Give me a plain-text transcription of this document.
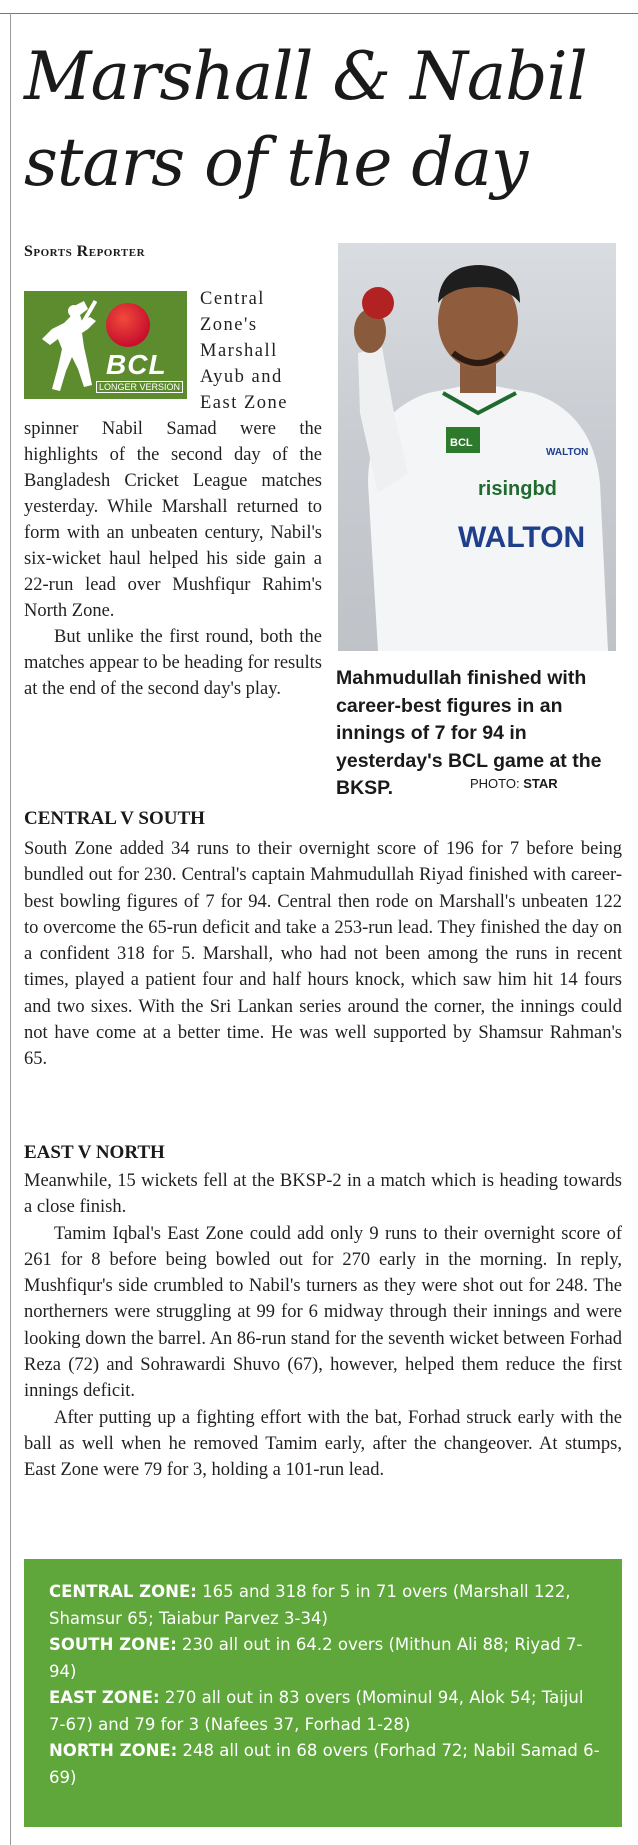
Marshall & Nabil
stars of the day
Sports Reporter
BCL
LONGER VERSION
Central
Zone's
Marshall
Ayub and
East Zone

spinner Nabil Samad were the highlights of the second day of the Bangladesh Cricket League matches yesterday. While Marshall returned to form with an unbeaten century, Nabil's six-wicket haul helped his side gain a 22-run lead over Mushfiqur Rahim's North Zone.

But unlike the first round, both the matches appear to be heading for results at the end of the second day's play.

BCL
WALTON
risingbd
WALTON
Mahmudullah finished with career-best figures in an innings of 7 for 94 in yesterday's BCL game at the BKSP.	PHOTO: STAR
CENTRAL V SOUTH

South Zone added 34 runs to their overnight score of 196 for 7 before being bundled out for 230. Central's captain Mahmudullah Riyad finished with career-best bowling figures of 7 for 94. Central then rode on Marshall's unbeaten 122 to overcome the 65-run deficit and take a 253-run lead. They finished the day on a confident 318 for 5. Marshall, who had not been among the runs in recent times, played a patient four and half hours knock, which saw him hit 14 fours and two sixes. With the Sri Lankan series around the corner, the innings could not have come at a better time. He was well supported by Shamsur Rahman's 65.

EAST V NORTH

Meanwhile, 15 wickets fell at the BKSP-2 in a match which is heading towards a close finish.

Tamim Iqbal's East Zone could add only 9 runs to their overnight score of 261 for 8 before being bowled out for 270 early in the morning. In reply, Mushfiqur's side crumbled to Nabil's turners as they were shot out for 248. The northerners were struggling at 99 for 6 midway through their innings and were looking down the barrel. An 86-run stand for the seventh wicket between Forhad Reza (72) and Sohrawardi Shuvo (67), however, helped them reduce the first innings deficit.

After putting up a fighting effort with the bat, Forhad struck early with the ball as well when he removed Tamim early, after the changeover. At stumps, East Zone were 79 for 3, holding a 101-run lead.

CENTRAL ZONE: 165 and 318 for 5 in 71 overs (Marshall 122, Shamsur 65; Taiabur Parvez 3-34)
SOUTH ZONE: 230 all out in 64.2 overs (Mithun Ali 88; Riyad 7-94)
EAST ZONE: 270 all out in 83 overs (Mominul 94, Alok 54; Taijul 7-67) and 79 for 3 (Nafees 37, Forhad 1-28)
NORTH ZONE: 248 all out in 68 overs (Forhad 72; Nabil Samad 6-69)
